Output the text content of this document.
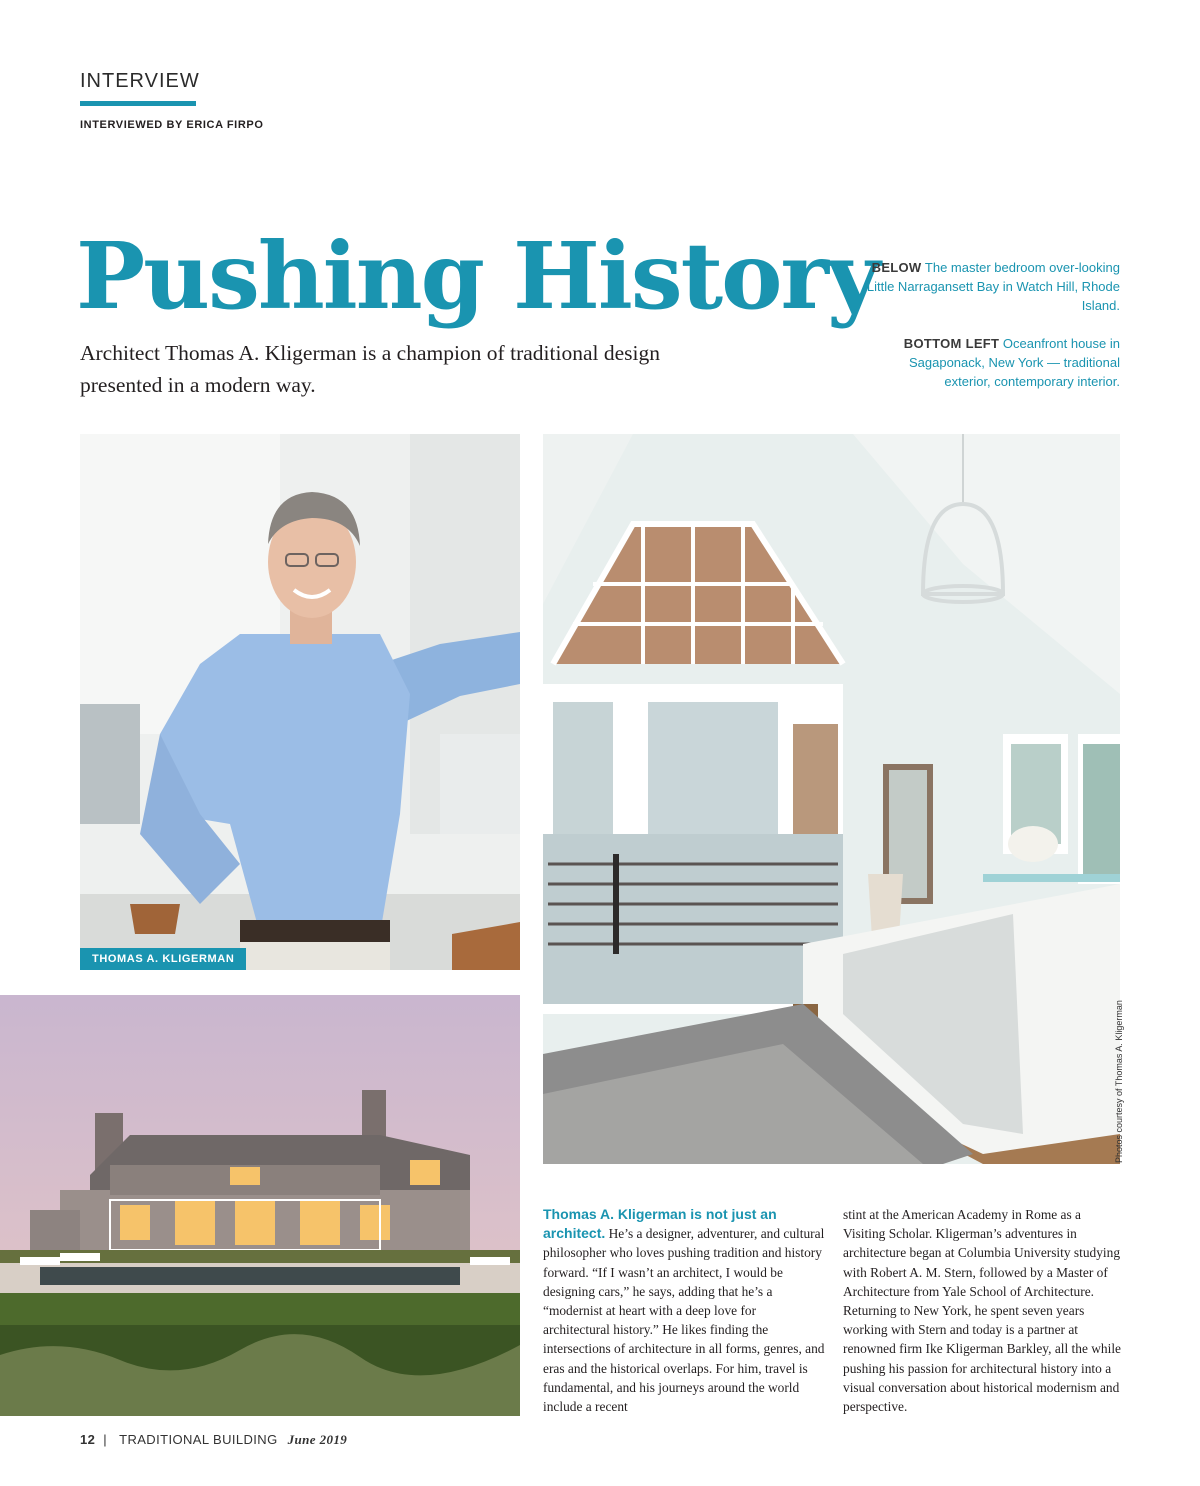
INTERVIEW
INTERVIEWED BY ERICA FIRPO
Pushing History
Architect Thomas A. Kligerman is a champion of traditional design presented in a modern way.
BELOW The master bedroom over-looking Little Narragansett Bay in Watch Hill, Rhode Island.
BOTTOM LEFT Oceanfront house in Sagaponack, New York — traditional exterior, contemporary interior.
THOMAS A. KLIGERMAN
Photos courtesy of Thomas A. Kligerman
Thomas A. Kligerman is not just an architect. He’s a designer, adventurer, and cultural philosopher who loves pushing tradition and history forward. “If I wasn’t an architect, I would be designing cars,” he says, adding that he’s a “modernist at heart with a deep love for architectural history.” He likes finding the intersections of architecture in all forms, genres, and eras and the historical overlaps. For him, travel is fundamental, and his journeys around the world include a recent
stint at the American Academy in Rome as a Visiting Scholar. Kligerman’s adventures in architecture began at Columbia University studying with Robert A. M. Stern, followed by a Master of Architecture from Yale School of Architecture. Returning to New York, he spent seven years working with Stern and today is a partner at renowned firm Ike Kligerman Barkley, all the while pushing his passion for architectural history into a visual conversation about historical modernism and perspective.
12  |  TRADITIONAL BUILDING June 2019
